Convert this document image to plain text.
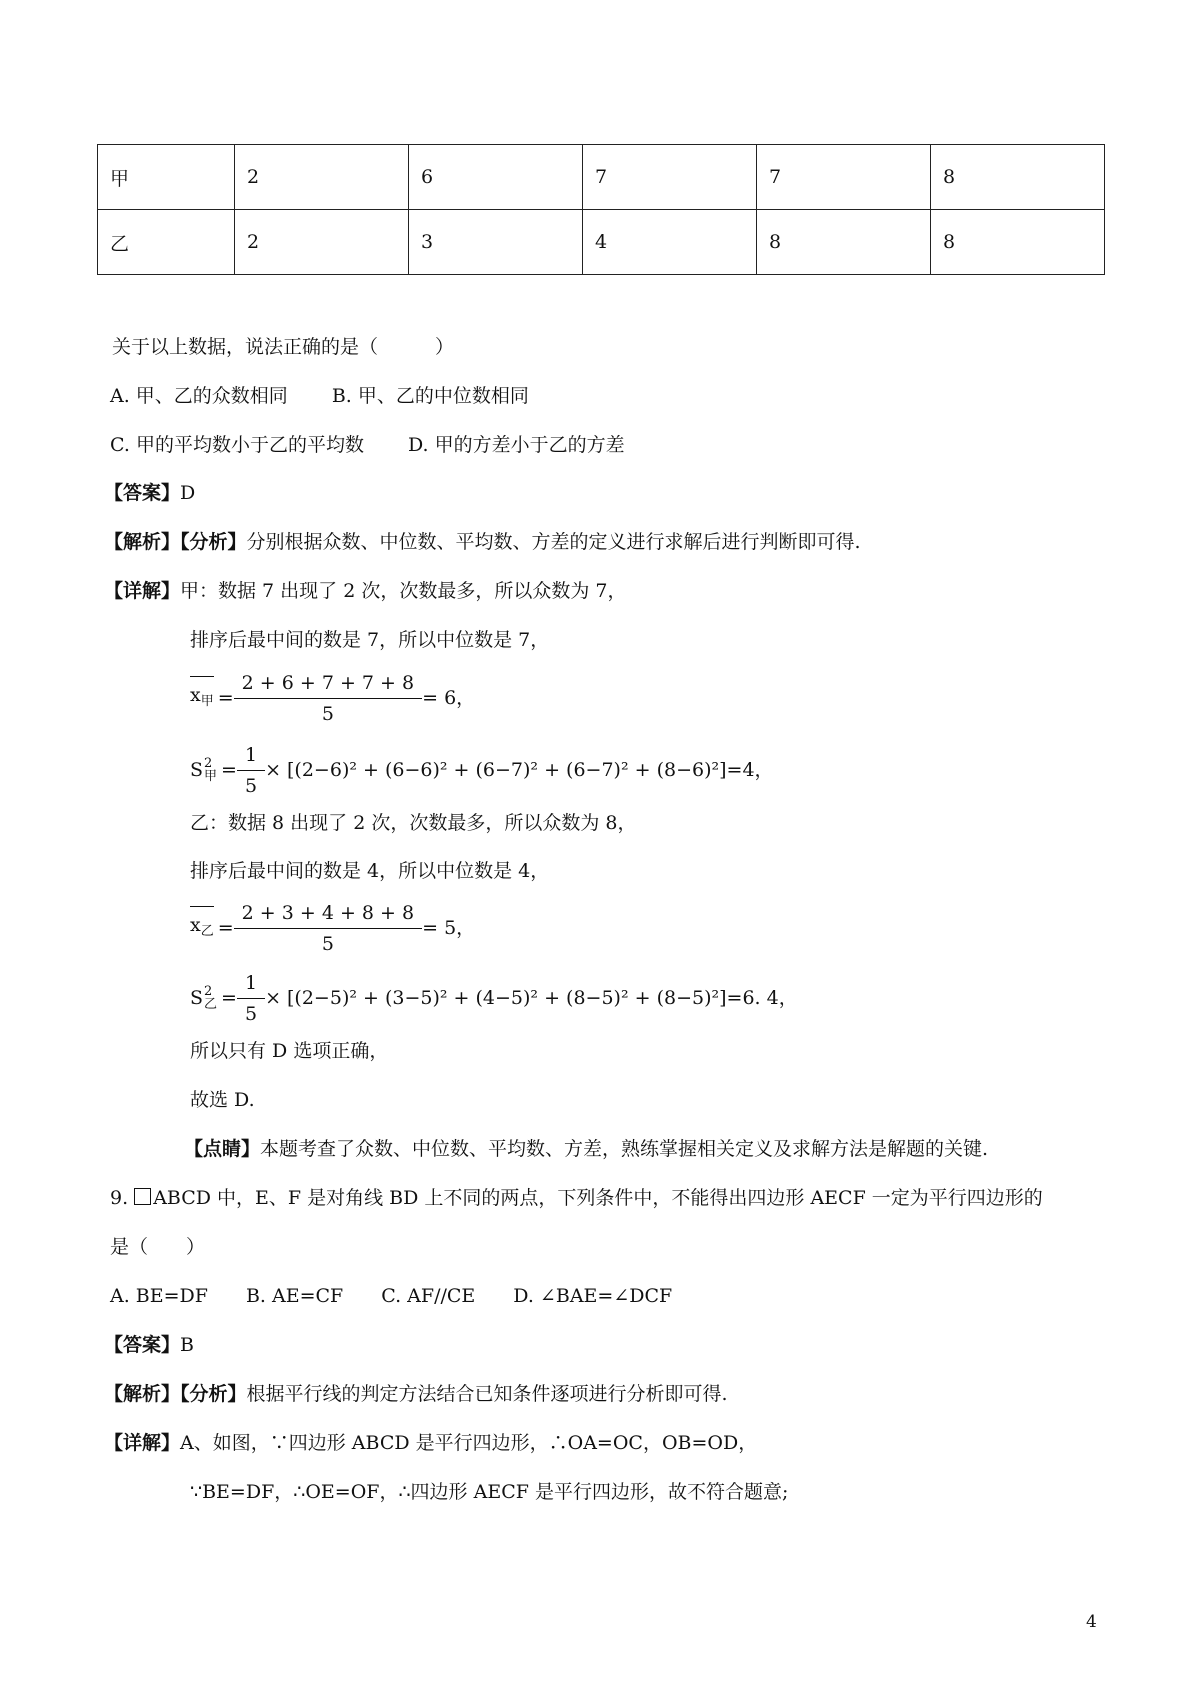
甲	2	6	7	7	8
乙	2	3	4	8	8
关于以上数据，说法正确的是（　　　）
A. 甲、乙的众数相同　　 B. 甲、乙的中位数相同
C. 甲的平均数小于乙的平均数　　 D. 甲的方差小于乙的方差
【答案】D
【解析】【分析】分别根据众数、中位数、平均数、方差的定义进行求解后进行判断即可得.
【详解】甲：数据 7 出现了 2 次，次数最多，所以众数为 7，
排序后最中间的数是 7，所以中位数是 7，
$x_甲 = \frac{2 + 6 + 7 + 7 + 8}{5} = 6$，
S 2
甲 = $\frac{1}{5} \times [(2-6)^2 + (6-6)^2 + (6-7)^2 + (6-7)^2 + (8-6)^2]=4$，
乙：数据 8 出现了 2 次，次数最多，所以众数为 8，
排序后最中间的数是 4，所以中位数是 4，
$x_乙 = \frac{2 + 3 + 4 + 8 + 8}{5} = 5$，
S 2
乙 = $\frac{1}{5} \times [(2-5)^2 + (3-5)^2 + (4-5)^2 + (8-5)^2 + (8-5)^2]=6$. 4，
所以只有 D 选项正确，
故选 D.
【点睛】本题考查了众数、中位数、平均数、方差，熟练掌握相关定义及求解方法是解题的关键.
9. ABCD 中，E、F 是对角线 BD 上不同的两点，下列条件中，不能得出四边形 AECF 一定为平行四边形的
是（　　）
A. BE=DF　　B. AE=CF　　C. AF//CE　　D. ∠BAE=∠DCF
【答案】B
【解析】【分析】根据平行线的判定方法结合已知条件逐项进行分析即可得.
【详解】A、如图，∵四边形 ABCD 是平行四边形，∴OA=OC，OB=OD，
∵BE=DF，∴OE=OF，∴四边形 AECF 是平行四边形，故不符合题意;
4
